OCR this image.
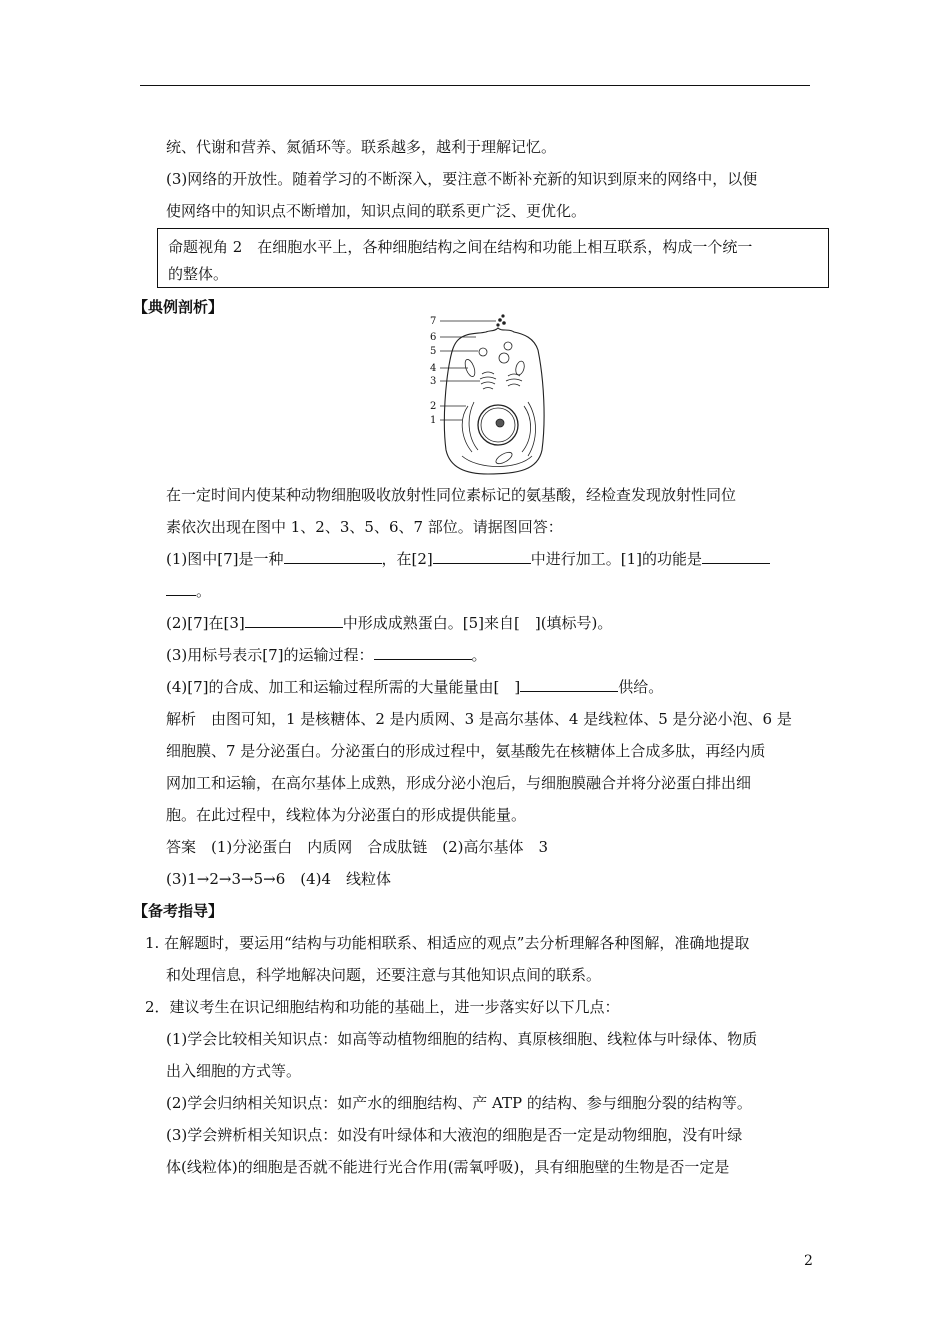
统、代谢和营养、氮循环等。联系越多，越利于理解记忆。
(3)网络的开放性。随着学习的不断深入，要注意不断补充新的知识到原来的网络中，以便
使网络中的知识点不断增加，知识点间的联系更广泛、更优化。
命题视角 2　在细胞水平上，各种细胞结构之间在结构和功能上相互联系，构成一个统一
的整体。
【典例剖析】
7
6
5
4
3
2
1
在一定时间内使某种动物细胞吸收放射性同位素标记的氨基酸，经检查发现放射性同位
素依次出现在图中 1、2、3、5、6、7 部位。请据图回答：
(1)图中[7]是一种	，在[2]	中进行加工。[1]的功能是
。
(2)[7]在[3]	中形成成熟蛋白。[5]来自[　](填标号)。
(3)用标号表示[7]的运输过程：	。
(4)[7]的合成、加工和运输过程所需的大量能量由[　]	供给。
解析　由图可知，1 是核糖体、2 是内质网、3 是高尔基体、4 是线粒体、5 是分泌小泡、6 是
细胞膜、7 是分泌蛋白。分泌蛋白的形成过程中，氨基酸先在核糖体上合成多肽，再经内质
网加工和运输，在高尔基体上成熟，形成分泌小泡后，与细胞膜融合并将分泌蛋白排出细
胞。在此过程中，线粒体为分泌蛋白的形成提供能量。
答案　(1)分泌蛋白　内质网　合成肽链　(2)高尔基体　3
(3)1→2→3→5→6　(4)4　线粒体
【备考指导】
1. 在解题时，要运用“结构与功能相联系、相适应的观点”去分析理解各种图解，准确地提取
和处理信息，科学地解决问题，还要注意与其他知识点间的联系。
2．建议考生在识记细胞结构和功能的基础上，进一步落实好以下几点：
(1)学会比较相关知识点：如高等动植物细胞的结构、真原核细胞、线粒体与叶绿体、物质
出入细胞的方式等。
(2)学会归纳相关知识点：如产水的细胞结构、产 ATP 的结构、参与细胞分裂的结构等。
(3)学会辨析相关知识点：如没有叶绿体和大液泡的细胞是否一定是动物细胞，没有叶绿
体(线粒体)的细胞是否就不能进行光合作用(需氧呼吸)，具有细胞壁的生物是否一定是
2
